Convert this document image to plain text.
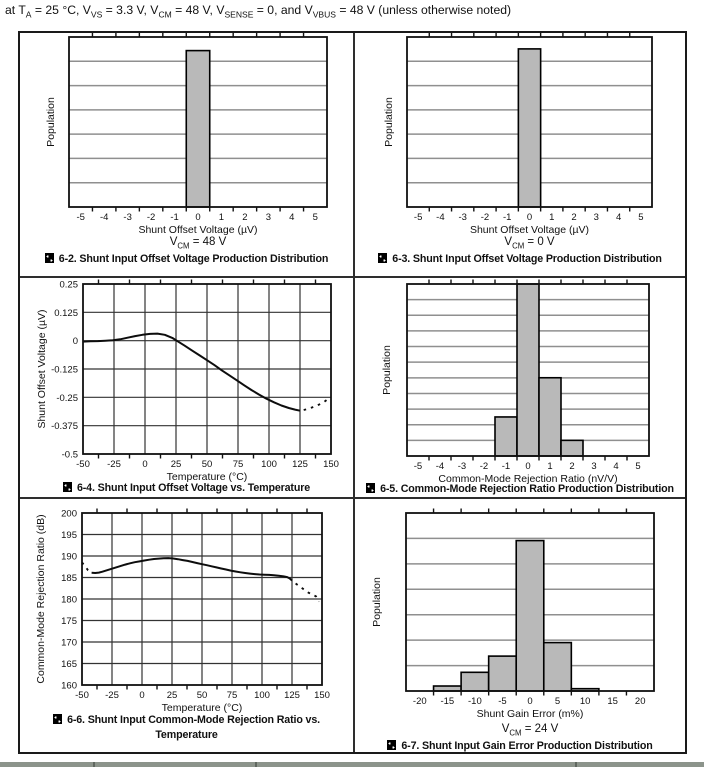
at $T_A = 25$ °C, $V_{VS} = 3.3$ V, $V_{CM} = 48$ V, $V_{SENSE} = 0$, and $V_{VBUS} = 48$ V (unless otherwise noted)
-5 -4 -3 -2 -1 0 1 2 3 4 5
Shunt Offset Voltage (µV)
Population
$V_{CM} = 48$ V
6-2. Shunt Input Offset Voltage Production Distribution
-5 -4 -3 -2 -1 0 1 2 3 4 5
Shunt Offset Voltage (µV)
Population
$V_{CM} = 0$ V
6-3. Shunt Input Offset Voltage Production Distribution
-50 -25 0 25 50 75 100 125 150
0.25
0.125
0
-0.125
-0.25
-0.375
-0.5
Temperature (°C)
Shunt Offset Voltage (µV)
6-4. Shunt Input Offset Voltage vs. Temperature
-5 -4 -3 -2 -1 0 1 2 3 4 5
Common-Mode Rejection Ratio (nV/V)
Population
6-5. Common-Mode Rejection Ratio Production Distribution
-50 -25 0 25 50 75 100 125 150
200
195
190
185
180
175
170
165
160
Temperature (°C)
Common-Mode Rejection Ratio (dB)
6-6. Shunt Input Common-Mode Rejection Ratio vs.
Temperature
-20 -15 -10 -5 0 5 10 15 20
Shunt Gain Error (m%)
Population
$V_{CM} = 24$ V
6-7. Shunt Input Gain Error Production Distribution
